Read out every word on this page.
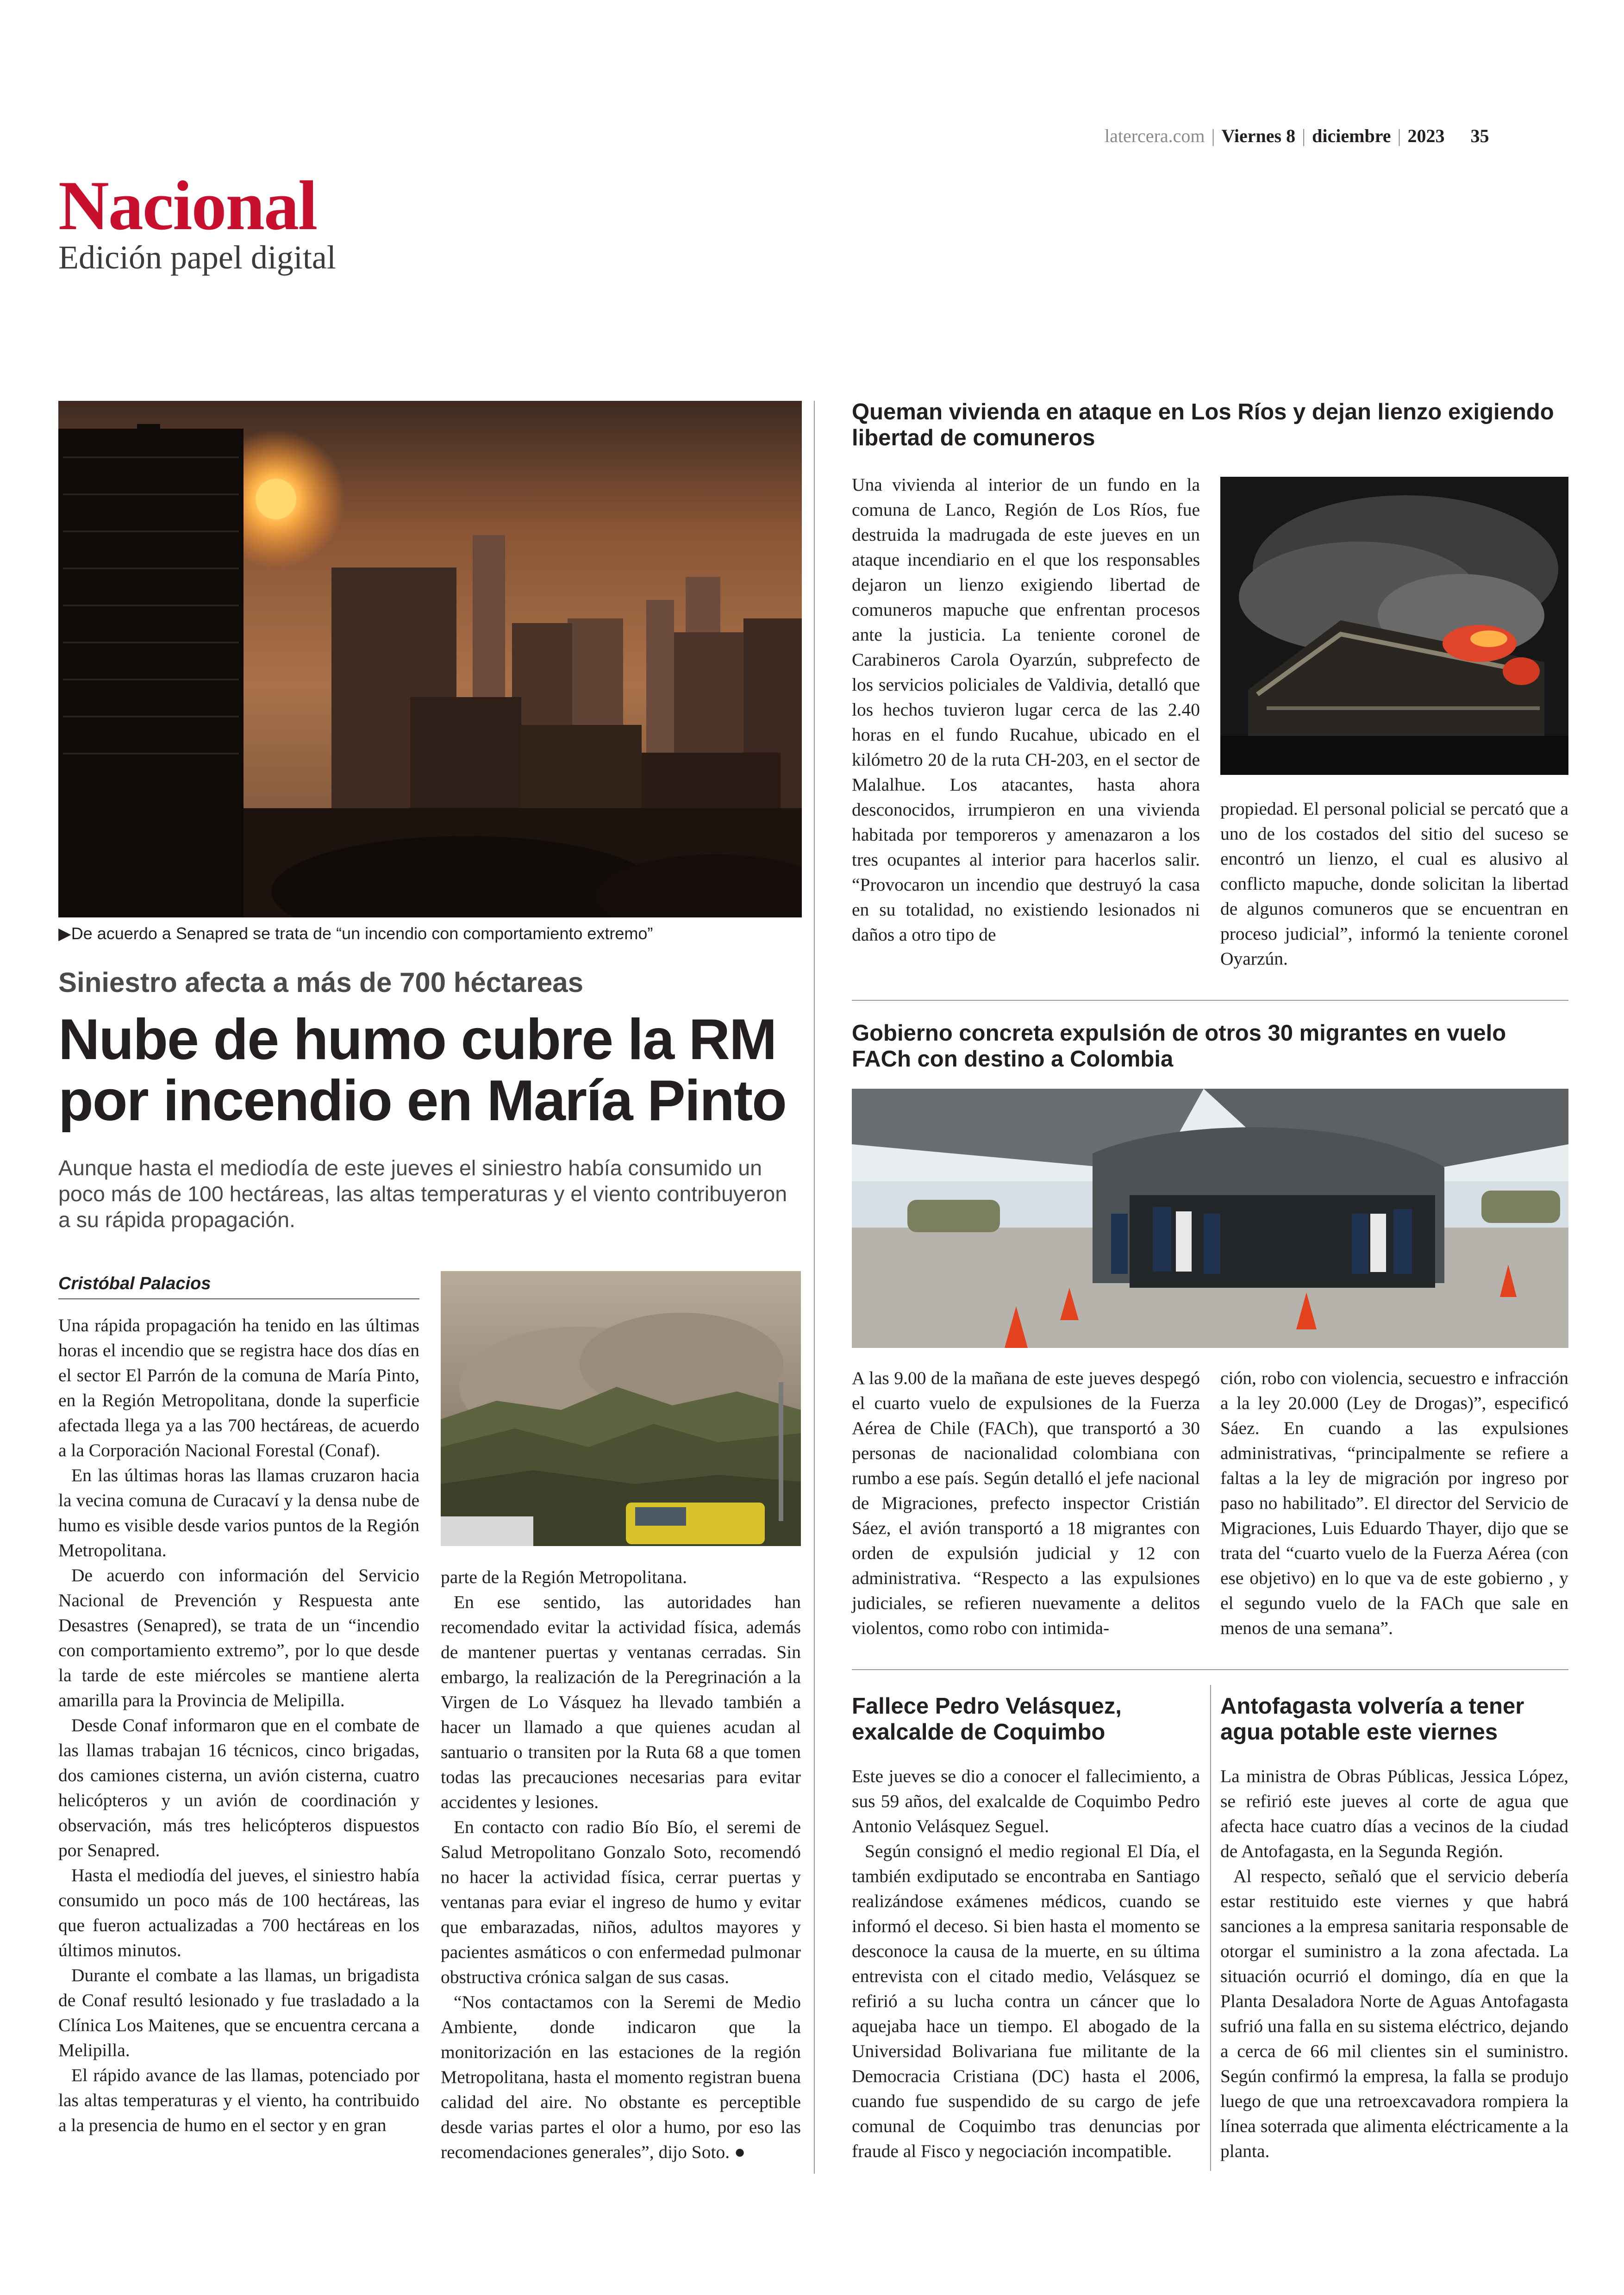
latercera.com | Viernes 8 | diciembre | 2023 35
Nacional
Edición papel digital
▶De acuerdo a Senapred se trata de “un incendio con comportamiento extremo”
Siniestro afecta a más de 700 héctareas
Nube de humo cubre la RM por incendio en María Pinto
Aunque hasta el mediodía de este jueves el siniestro había consumido un poco más de 100 hectáreas, las altas temperaturas y el viento contribuyeron a su rápida propagación.
Cristóbal Palacios

Una rápida propagación ha tenido en las últimas horas el incendio que se registra hace dos días en el sector El Parrón de la comuna de María Pinto, en la Región Metropolitana, donde la superficie afectada llega ya a las 700 hectáreas, de acuerdo a la Corporación Nacional Forestal (Conaf).

En las últimas horas las llamas cruzaron hacia la vecina comuna de Curacaví y la densa nube de humo es visible desde varios puntos de la Región Metropolitana.

De acuerdo con información del Servicio Nacional de Prevención y Respuesta ante Desastres (Senapred), se trata de un “incendio con comportamiento extremo”, por lo que desde la tarde de este miércoles se mantiene alerta amarilla para la Provincia de Melipilla.

Desde Conaf informaron que en el combate de las llamas trabajan 16 técnicos, cinco brigadas, dos camiones cisterna, un avión cisterna, cuatro helicópteros y un avión de coordinación y observación, más tres helicópteros dispuestos por Senapred.

Hasta el mediodía del jueves, el siniestro había consumido un poco más de 100 hectáreas, las que fueron actualizadas a 700 hectáreas en los últimos minutos.

Durante el combate a las llamas, un brigadista de Conaf resultó lesionado y fue trasladado a la Clínica Los Maitenes, que se encuentra cercana a Melipilla.

El rápido avance de las llamas, potenciado por las altas temperaturas y el viento, ha contribuido a la presencia de humo en el sector y en gran

parte de la Región Metropolitana.

En ese sentido, las autoridades han recomendado evitar la actividad física, además de mantener puertas y ventanas cerradas. Sin embargo, la realización de la Peregrinación a la Virgen de Lo Vásquez ha llevado también a hacer un llamado a que quienes acudan al santuario o transiten por la Ruta 68 a que tomen todas las precauciones necesarias para evitar accidentes y lesiones.

En contacto con radio Bío Bío, el seremi de Salud Metropolitano Gonzalo Soto, recomendó no hacer la actividad física, cerrar puertas y ventanas para eviar el ingreso de humo y evitar que embarazadas, niños, adultos mayores y pacientes asmáticos o con enfermedad pulmonar obstructiva crónica salgan de sus casas.

“Nos contactamos con la Seremi de Medio Ambiente, donde indicaron que la monitorización en las estaciones de la región Metropolitana, hasta el momento registran buena calidad del aire. No obstante es perceptible desde varias partes el olor a humo, por eso las recomendaciones generales”, dijo Soto. ●

Queman vivienda en ataque en Los Ríos y dejan lienzo exigiendo libertad de comuneros

Una vivienda al interior de un fundo en la comuna de Lanco, Región de Los Ríos, fue destruida la madrugada de este jueves en un ataque incendiario en el que los responsables dejaron un lienzo exigiendo libertad de comuneros mapuche que enfrentan procesos ante la justicia. La teniente coronel de Carabineros Carola Oyarzún, subprefecto de los servicios policiales de Valdivia, detalló que los hechos tuvieron lugar cerca de las 2.40 horas en el fundo Rucahue, ubicado en el kilómetro 20 de la ruta CH-203, en el sector de Malalhue. Los atacantes, hasta ahora desconocidos, irrumpieron en una vivienda habitada por temporeros y amenazaron a los tres ocupantes al interior para hacerlos salir. “Provocaron un incendio que destruyó la casa en su totalidad, no existiendo lesionados ni daños a otro tipo de

propiedad. El personal policial se percató que a uno de los costados del sitio del suceso se encontró un lienzo, el cual es alusivo al conflicto mapuche, donde solicitan la libertad de algunos comuneros que se encuentran en proceso judicial”, informó la teniente coronel Oyarzún.

Gobierno concreta expulsión de otros 30 migrantes en vuelo FACh con destino a Colombia

A las 9.00 de la mañana de este jueves despegó el cuarto vuelo de expulsiones de la Fuerza Aérea de Chile (FACh), que transportó a 30 personas de nacionalidad colombiana con rumbo a ese país. Según detalló el jefe nacional de Migraciones, prefecto inspector Cristián Sáez, el avión transportó a 18 migrantes con orden de expulsión judicial y 12 con administrativa. “Respecto a las expulsiones judiciales, se refieren nuevamente a delitos violentos, como robo con intimida-

ción, robo con violencia, secuestro e infracción a la ley 20.000 (Ley de Drogas)”, especificó Sáez. En cuando a las expulsiones administrativas, “principalmente se refiere a faltas a la ley de migración por ingreso por paso no habilitado”. El director del Servicio de Migraciones, Luis Eduardo Thayer, dijo que se trata del “cuarto vuelo de la Fuerza Aérea (con ese objetivo) en lo que va de este gobierno , y el segundo vuelo de la FACh que sale en menos de una semana”.

Fallece Pedro Velásquez, exalcalde de Coquimbo

Este jueves se dio a conocer el fallecimiento, a sus 59 años, del exalcalde de Coquimbo Pedro Antonio Velásquez Seguel.

Según consignó el medio regional El Día, el también exdiputado se encontraba en Santiago realizándose exámenes médicos, cuando se informó el deceso. Si bien hasta el momento se desconoce la causa de la muerte, en su última entrevista con el citado medio, Velásquez se refirió a su lucha contra un cáncer que lo aquejaba hace un tiempo. El abogado de la Universidad Bolivariana fue militante de la Democracia Cristiana (DC) hasta el 2006, cuando fue suspendido de su cargo de jefe comunal de Coquimbo tras denuncias por fraude al Fisco y negociación incompatible.

Antofagasta volvería a tener agua potable este viernes

La ministra de Obras Públicas, Jessica López, se refirió este jueves al corte de agua que afecta hace cuatro días a vecinos de la ciudad de Antofagasta, en la Segunda Región.

Al respecto, señaló que el servicio debería estar restituido este viernes y que habrá sanciones a la empresa sanitaria responsable de otorgar el suministro a la zona afectada. La situación ocurrió el domingo, día en que la Planta Desaladora Norte de Aguas Antofagasta sufrió una falla en su sistema eléctrico, dejando a cerca de 66 mil clientes sin el suministro. Según confirmó la empresa, la falla se produjo luego de que una retroexcavadora rompiera la línea soterrada que alimenta eléctricamente a la planta.
